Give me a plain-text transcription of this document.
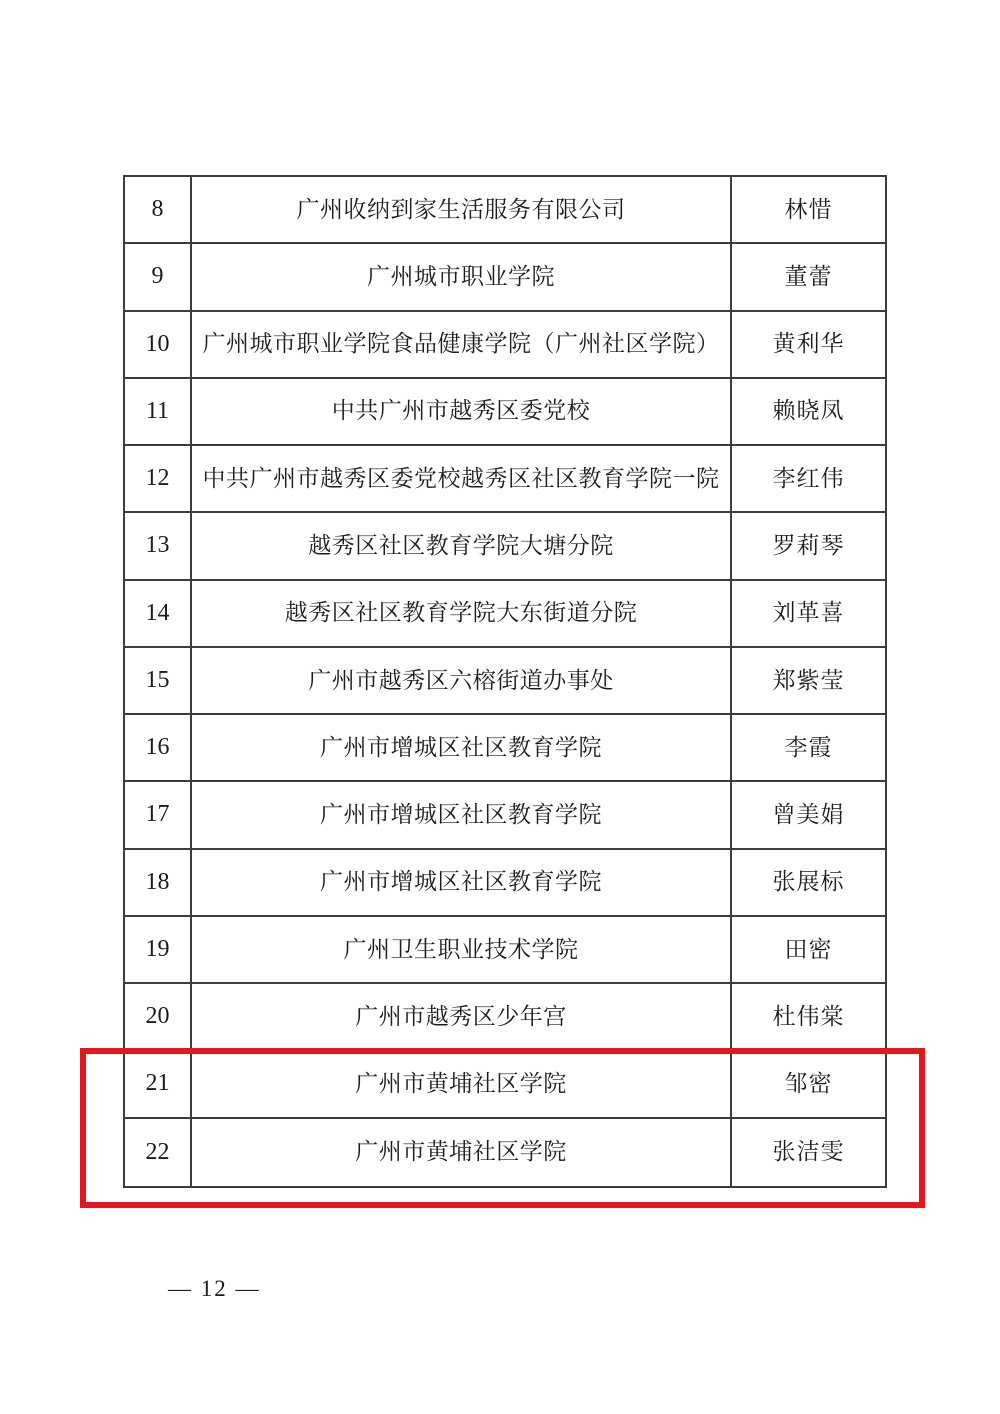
8	广州收纳到家生活服务有限公司	林惜
9	广州城市职业学院	董蕾
10	广州城市职业学院食品健康学院（广州社区学院）	黄利华
11	中共广州市越秀区委党校	赖晓凤
12	中共广州市越秀区委党校越秀区社区教育学院一院	李红伟
13	越秀区社区教育学院大塘分院	罗莉琴
14	越秀区社区教育学院大东街道分院	刘革喜
15	广州市越秀区六榕街道办事处	郑紫莹
16	广州市增城区社区教育学院	李霞
17	广州市增城区社区教育学院	曾美娟
18	广州市增城区社区教育学院	张展标
19	广州卫生职业技术学院	田密
20	广州市越秀区少年宫	杜伟棠
21	广州市黄埔社区学院	邹密
22	广州市黄埔社区学院	张洁雯
— 12 —
